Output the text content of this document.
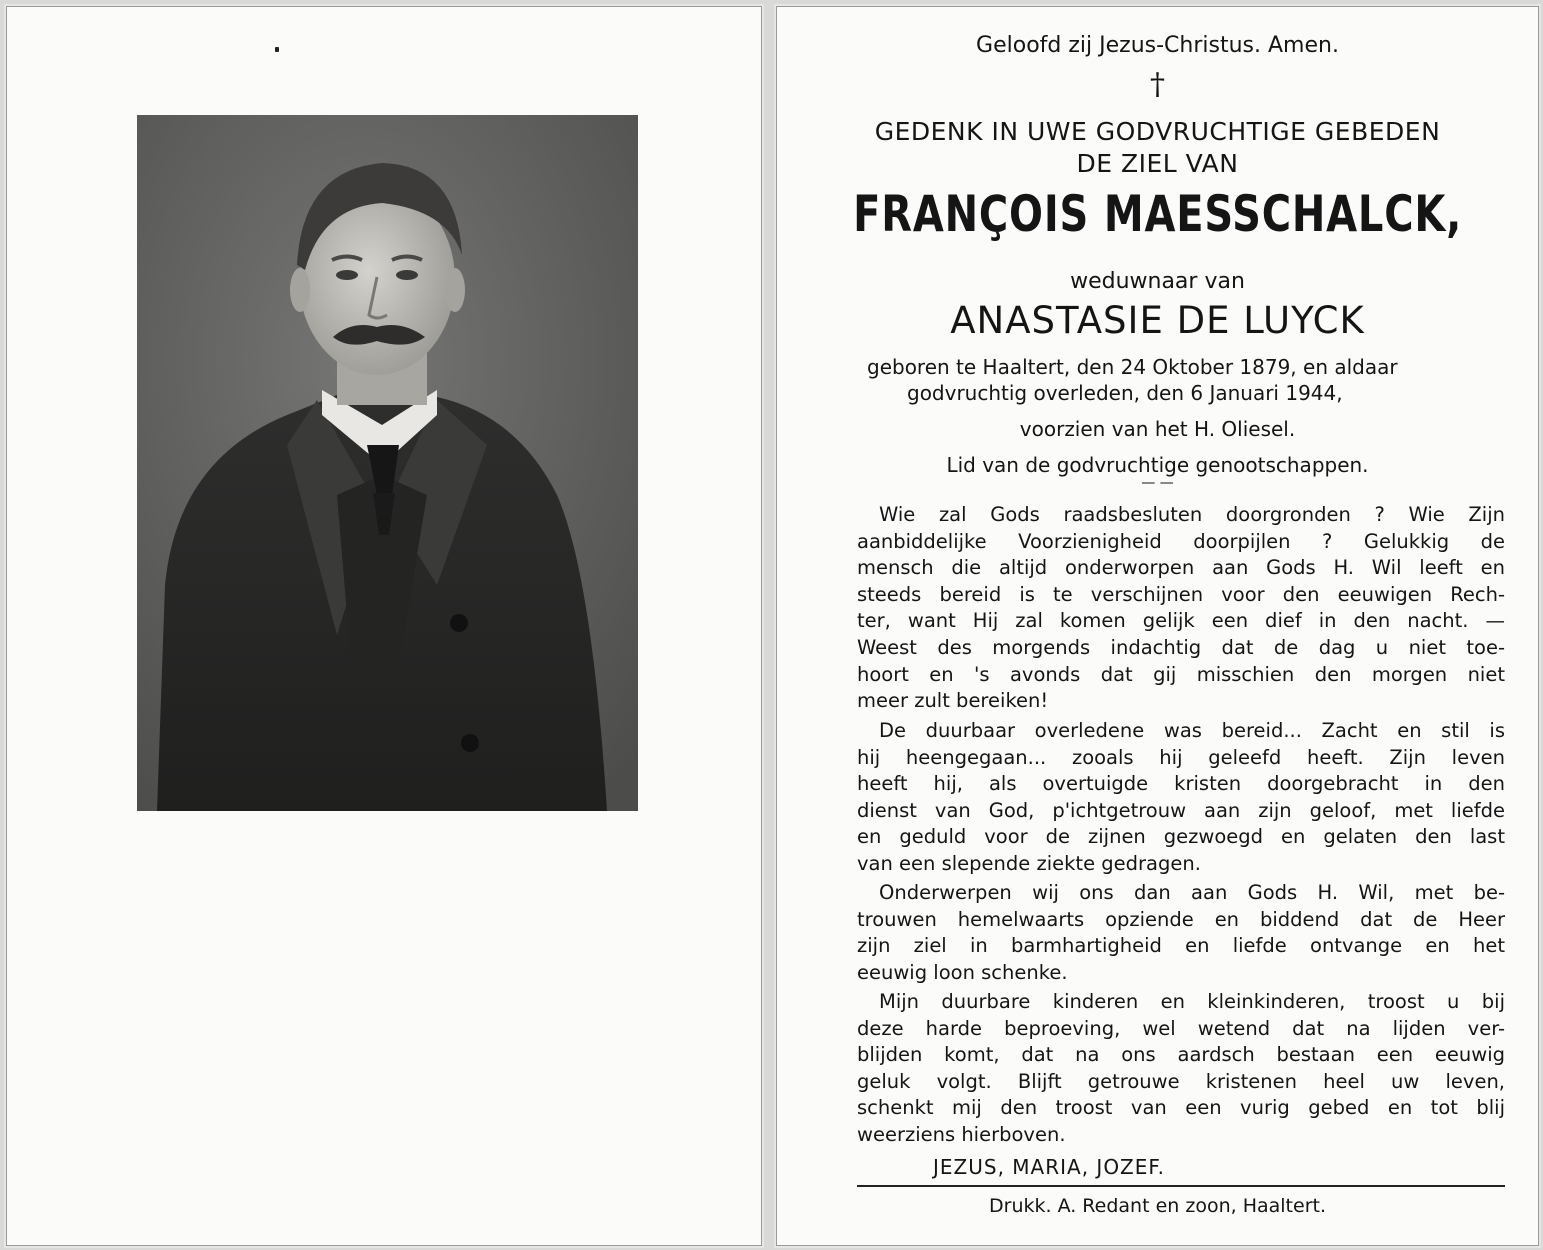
Geloofd zij Jezus-Christus. Amen.
†
GEDENK IN UWE GODVRUCHTIGE GEBEDEN
DE ZIEL VAN
FRANÇOIS MAESSCHALCK,
weduwnaar van
ANASTASIE DE LUYCK
geboren te Haaltert, den 24 Oktober 1879, en aldaar
godvruchtig overleden, den 6 Januari 1944,
voorzien van het H. Oliesel.
Lid van de godvruchtige genootschappen.
— —
Wie zal Gods raadsbesluten doorgronden ? Wie Zijn
aanbiddelijke Voorzienigheid doorpijlen ? Gelukkig de
mensch die altijd onderworpen aan Gods H. Wil leeft en
steeds bereid is te verschijnen voor den eeuwigen Rech-
ter, want Hij zal komen gelijk een dief in den nacht. —
Weest des morgends indachtig dat de dag u niet toe-
hoort en 's avonds dat gij misschien den morgen niet
meer zult bereiken!
De duurbaar overledene was bereid... Zacht en stil is
hij heengegaan... zooals hij geleefd heeft. Zijn leven
heeft hij, als overtuigde kristen doorgebracht in den
dienst van God, p'ichtgetrouw aan zijn geloof, met liefde
en geduld voor de zijnen gezwoegd en gelaten den last
van een slepende ziekte gedragen.
Onderwerpen wij ons dan aan Gods H. Wil, met be-
trouwen hemelwaarts opziende en biddend dat de Heer
zijn ziel in barmhartigheid en liefde ontvange en het
eeuwig loon schenke.
Mijn duurbare kinderen en kleinkinderen, troost u bij
deze harde beproeving, wel wetend dat na lijden ver-
blijden komt, dat na ons aardsch bestaan een eeuwig
geluk volgt. Blijft getrouwe kristenen heel uw leven,
schenkt mij den troost van een vurig gebed en tot blij
weerziens hierboven.
JEZUS, MARIA, JOZEF.
Drukk. A. Redant en zoon, Haaltert.
